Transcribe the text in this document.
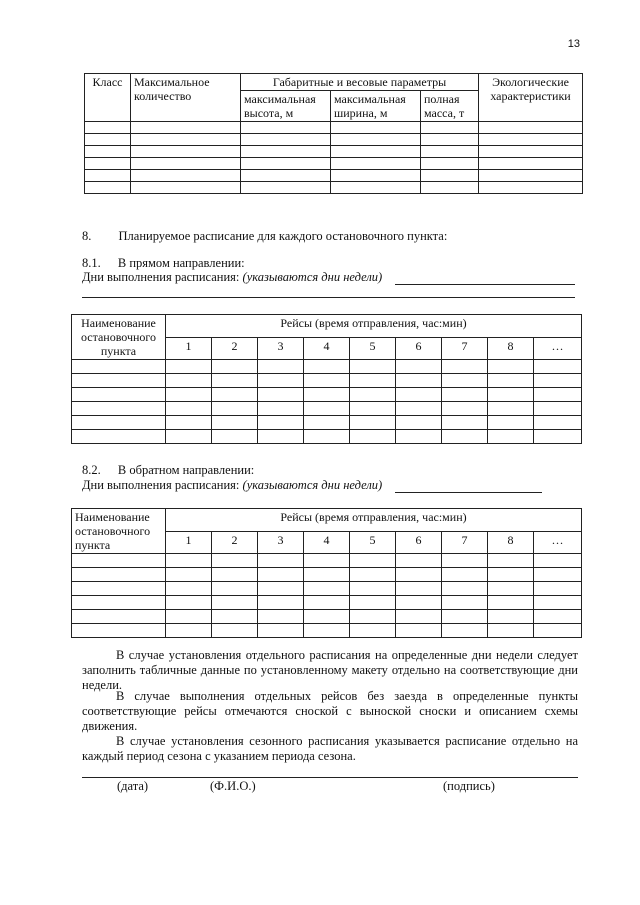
13
Класс	Максимальное количество	Габаритные и весовые параметры			Экологические характеристики
		максимальная высота, м	максимальная ширина, м	полная масса, т	

8. Планируемое расписание для каждого остановочного пункта:
8.1. В прямом направлении:
Дни выполнения расписания: (указываются дни недели)
Наименование остановочного пункта	Рейсы (время отправления, час:мин)								
	1	2	3	4	5	6	7	8	…

8.2. В обратном направлении:
Дни выполнения расписания: (указываются дни недели)
Наименование остановочного пункта	Рейсы (время отправления, час:мин)								
	1	2	3	4	5	6	7	8	…

В случае установления отдельного расписания на определенные дни недели следует заполнить табличные данные по установленному макету отдельно на соответствующие дни недели.

В случае выполнения отдельных рейсов без заезда в определенные пункты соответствующие рейсы отмечаются сноской с выноской сноски и описанием схемы движения.

В случае установления сезонного расписания указывается расписание отдельно на каждый период сезона с указанием периода сезона.

(дата)	(Ф.И.О.)	(подпись)
